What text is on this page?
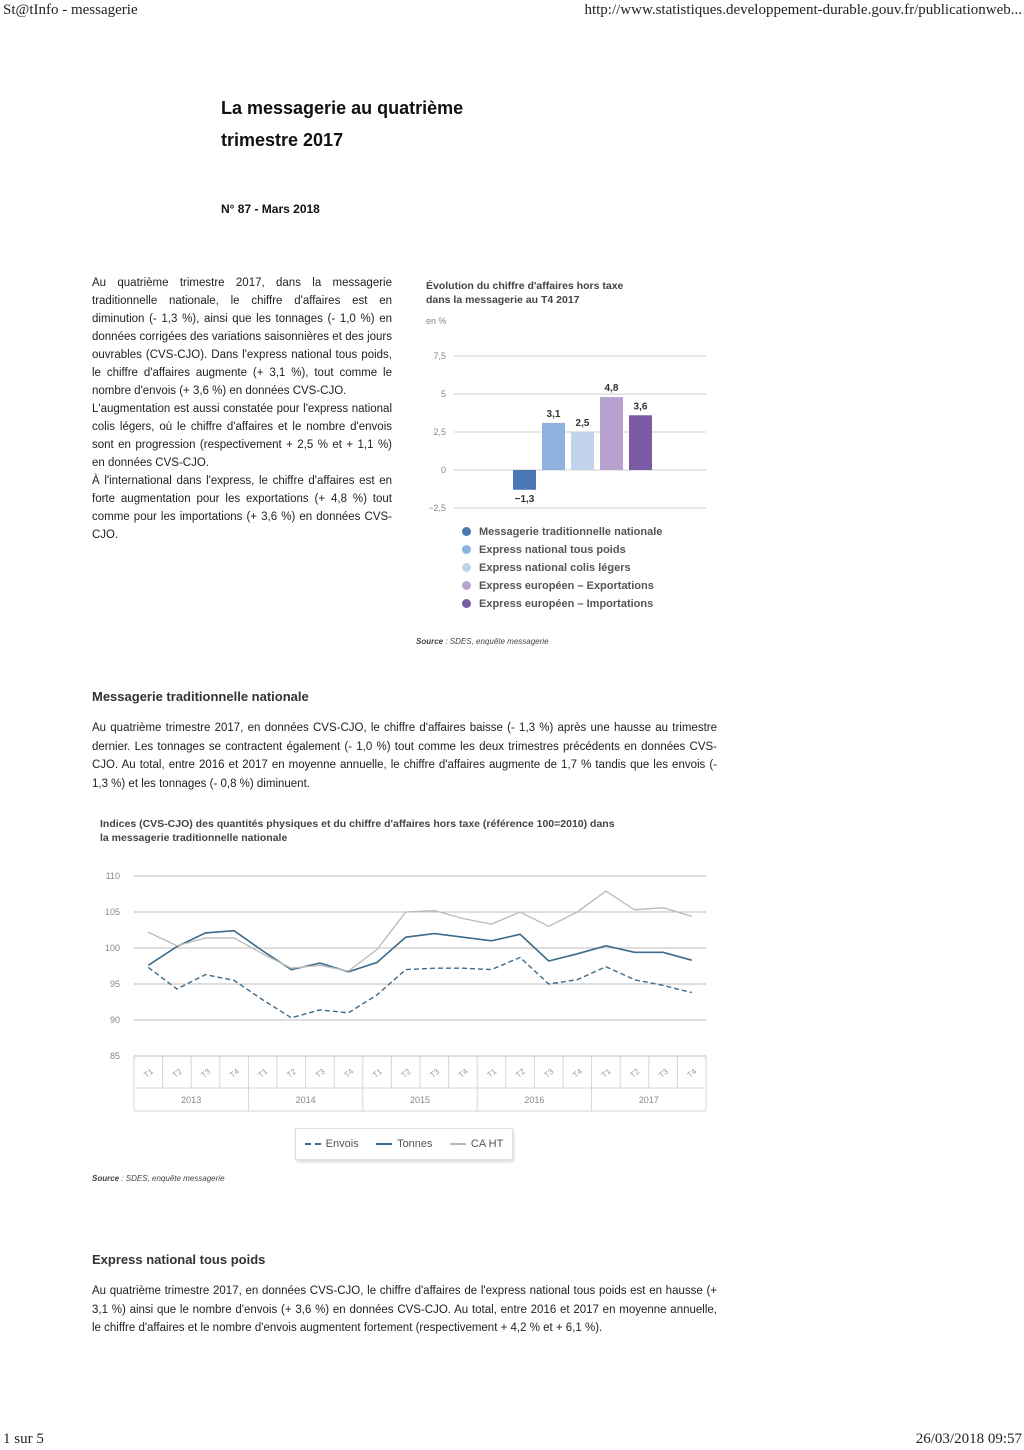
St@tInfo - messagerie	http://www.statistiques.developpement-durable.gouv.fr/publicationweb...
1 sur 5	26/03/2018 09:57
La messagerie au quatrième
trimestre 2017
N° 87 - Mars 2018

Au quatrième trimestre 2017, dans la messagerie traditionnelle nationale, le chiffre d'affaires est en diminution (- 1,3 %), ainsi que les tonnages (- 1,0 %) en données corrigées des variations saisonnières et des jours ouvrables (CVS-CJO). Dans l'express national tous poids, le chiffre d'affaires augmente (+ 3,1 %), tout comme le nombre d'envois (+ 3,6 %) en données CVS-CJO.

L'augmentation est aussi constatée pour l'express national colis légers, où le chiffre d'affaires et le nombre d'envois sont en progression (respectivement + 2,5 % et + 1,1 %) en données CVS-CJO.

À l'international dans l'express, le chiffre d'affaires est en forte augmentation pour les exportations (+ 4,8 %) tout comme pour les importations (+ 3,6 %) en données CVS-CJO.

Évolution du chiffre d'affaires hors taxe
dans la messagerie au T4 2017
en %
7,5
5
2,5
0
−2,5
−1,3
3,1
2,5
4,8
3,6
Messagerie traditionnelle nationale
Express national tous poids
Express national colis légers
Express européen – Exportations
Express européen – Importations
Source : SDES, enquête messagerie
Messagerie traditionnelle nationale
Au quatrième trimestre 2017, en données CVS-CJO, le chiffre d'affaires baisse (- 1,3 %) après une hausse au trimestre dernier. Les tonnages se contractent également (- 1,0 %) tout comme les deux trimestres précédents en données CVS-CJO. Au total, entre 2016 et 2017 en moyenne annuelle, le chiffre d'affaires augmente de 1,7 % tandis que les envois (- 1,3 %) et les tonnages (- 0,8 %) diminuent.
Indices (CVS-CJO) des quantités physiques et du chiffre d'affaires hors taxe (référence 100=2010) dans
la messagerie traditionnelle nationale
110
105
100
95
90
85
T1 T2 T3 T4 T1 T2 T3 T4 T1 T2 T3 T4 T1 T2 T3 T4 T1 T2 T3 T4
2013	2014	2015	2016	2017
Source : SDES, enquête messagerie
Envois	Tonnes	CA HT
Express national tous poids
Au quatrième trimestre 2017, en données CVS-CJO, le chiffre d'affaires de l'express national tous poids est en hausse (+ 3,1 %) ainsi que le nombre d'envois (+ 3,6 %) en données CVS-CJO. Au total, entre 2016 et 2017 en moyenne annuelle, le chiffre d'affaires et le nombre d'envois augmentent fortement (respectivement + 4,2 % et + 6,1 %).
